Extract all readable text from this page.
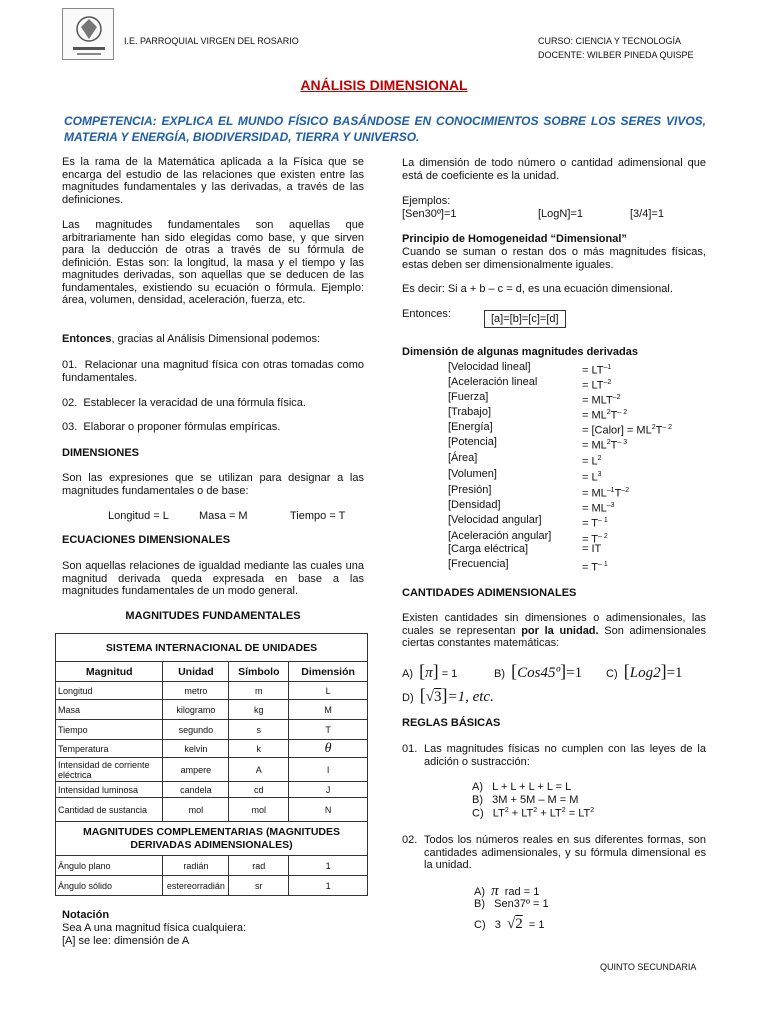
I.E. PARROQUIAL VIRGEN DEL ROSARIO	CURSO: CIENCIA Y TECNOLOGÍA
DOCENTE: WILBER PINEDA QUISPE
ANÁLISIS DIMENSIONAL
COMPETENCIA: EXPLICA EL MUNDO FÍSICO BASÁNDOSE EN CONOCIMIENTOS SOBRE LOS SERES VIVOS, MATERIA Y ENERGÍA, BIODIVERSIDAD, TIERRA Y UNIVERSO.
Es la rama de la Matemática aplicada a la Física que se encarga del estudio de las relaciones que existen entre las magnitudes fundamentales y las derivadas, a través de las definiciones.
Las magnitudes fundamentales son aquellas que arbitrariamente han sido elegidas como base, y que sirven para la deducción de otras a través de su fórmula de definición. Estas son: la longitud, la masa y el tiempo y las magnitudes derivadas, son aquellas que se deducen de las fundamentales, existiendo su ecuación o fórmula. Ejemplo: área, volumen, densidad, aceleración, fuerza, etc.
Entonces, gracias al Análisis Dimensional podemos:
01. Relacionar una magnitud física con otras tomadas como fundamentales.
02. Establecer la veracidad de una fórmula física.
03. Elaborar o proponer fórmulas empíricas.
DIMENSIONES
Son las expresiones que se utilizan para designar a las magnitudes fundamentales o de base:
Longitud = L	Masa = M	Tiempo = T
ECUACIONES DIMENSIONALES
Son aquellas relaciones de igualdad mediante las cuales una magnitud derivada queda expresada en base a las magnitudes fundamentales de un modo general.
MAGNITUDES FUNDAMENTALES
SISTEMA INTERNACIONAL DE UNIDADES			
Magnitud	Unidad	Símbolo	Dimensión
Longitud	metro	m	L
Masa	kilogramo	kg	M
Tiempo	segundo	s	T
Temperatura	kelvin	k	θ
Intensidad de corriente eléctrica	ampere	A	I
Intensidad luminosa	candela	cd	J
Cantidad de sustancia	mol	mol	N
MAGNITUDES COMPLEMENTARIAS (MAGNITUDES DERIVADAS ADIMENSIONALES)			
Ángulo plano	radián	rad	1
Ángulo sólido	estereorradián	sr	1
Notación
Sea A una magnitud física cualquiera:
[A] se lee: dimensión de A
La dimensión de todo número o cantidad adimensional que está de coeficiente es la unidad.
Ejemplos:
[Sen30º]=1	[LogN]=1	[3/4]=1
Principio de Homogeneidad “Dimensional”
Cuando se suman o restan dos o más magnitudes físicas, estas deben ser dimensionalmente iguales.
Es decir: Si a + b – c = d, es una ecuación dimensional.
Entonces:	[a]=[b]=[c]=[d]
Dimensión de algunas magnitudes derivadas
[Velocidad lineal]	= $LT^{-1}$
[Aceleración lineal	= $LT^{-2}$
[Fuerza]	= $MLT^{-2}$
[Trabajo]	= $ML^2T^{- 2}$
[Energía]	= [Calor] = $ML^2T^{- 2}$
[Potencia]	= $ML^2T^{- 3}$
[Área]	= $L^2$
[Volumen]	= $L^3$
[Presión]	= $ML^{-1}T^{-2}$
[Densidad]	= $ML^{-3}$
[Velocidad angular]	= $T^{- 1}$
[Aceleración angular]	= $T^{- 2}$
[Carga eléctrica]	= IT
[Frecuencia]	= $T^{- 1}$
CANTIDADES ADIMENSIONALES
Existen cantidades sin dimensiones o adimensionales, las cuales se representan por la unidad. Son adimensionales ciertas constantes matemáticas:
A) [π] = 1	B) [Cos45º]=1 C) [Log2]=1
D) [√3]=1, etc.
REGLAS BÁSICAS
01. Las magnitudes físicas no cumplen con las leyes de la adición o sustracción:
A) L + L + L + L = L
B) 3M + 5M – M = M
C) $LT^2 + LT^2 + LT^2 = LT^2$
02. Todos los números reales en sus diferentes formas, son cantidades adimensionales, y su fórmula dimensional es la unidad.
A) π rad = 1
B) Sen37º = 1
C) 3 √2 = 1
QUINTO SECUNDARIA
